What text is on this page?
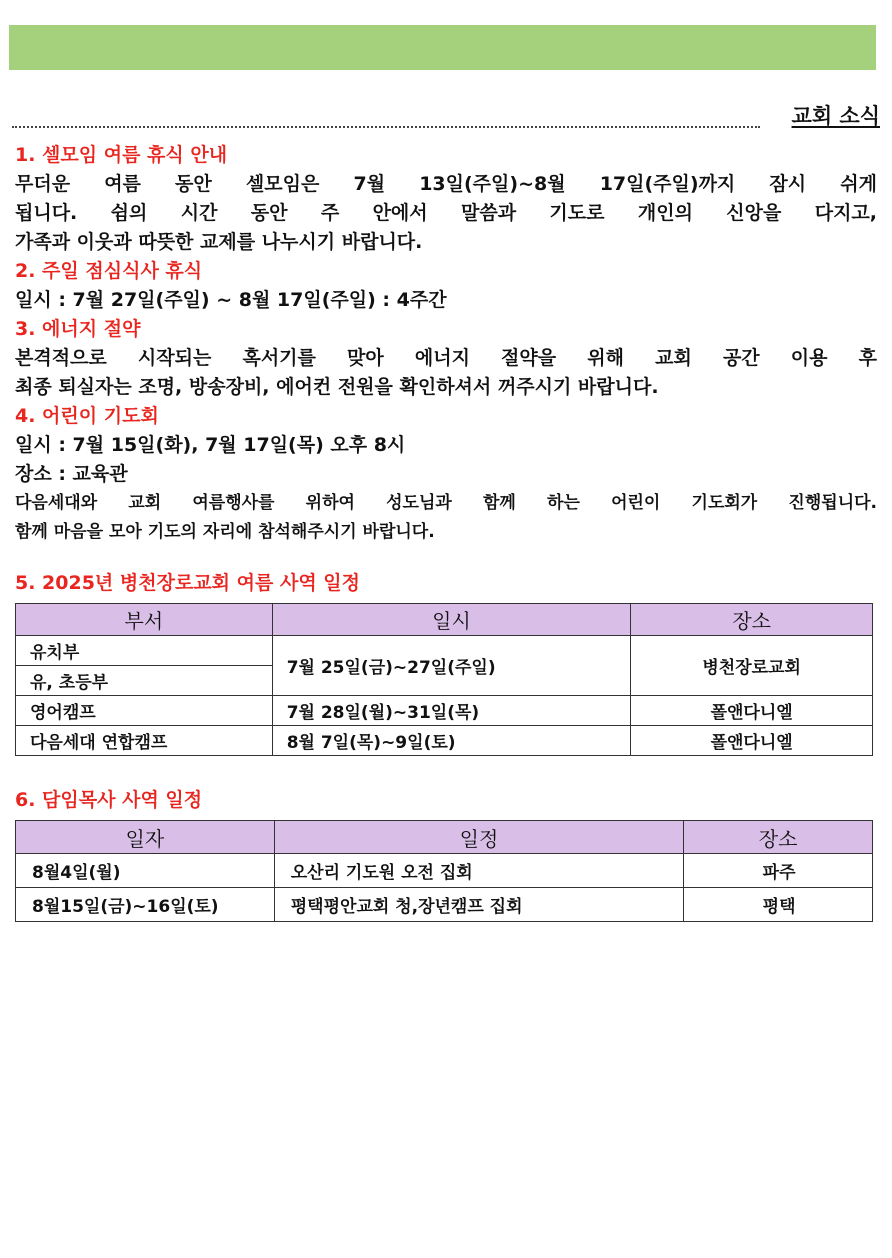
교회 소식

1. 셀모임 여름 휴식 안내

무더운 여름 동안 셀모임은 7월 13일(주일)~8월 17일(주일)까지 잠시 쉬게

됩니다. 쉼의 시간 동안 주 안에서 말씀과 기도로 개인의 신앙을 다지고,

가족과 이웃과 따뜻한 교제를 나누시기 바랍니다.

2. 주일 점심식사 휴식

일시 : 7월 27일(주일) ~ 8월 17일(주일) : 4주간

3. 에너지 절약

본격적으로 시작되는 혹서기를 맞아 에너지 절약을 위해 교회 공간 이용 후

최종 퇴실자는 조명, 방송장비, 에어컨 전원을 확인하셔서 꺼주시기 바랍니다.

4. 어린이 기도회

일시 : 7월 15일(화), 7월 17일(목) 오후 8시

장소 : 교육관

다음세대와 교회 여름행사를 위하여 성도님과 함께 하는 어린이 기도회가 진행됩니다.

함께 마음을 모아 기도의 자리에 참석해주시기 바랍니다.

5. 2025년 병천장로교회 여름 사역 일정

부서	일시	장소
유치부	7월 25일(금)~27일(주일)	병천장로교회
유, 초등부		
영어캠프	7월 28일(월)~31일(목)	폴앤다니엘
다음세대 연합캠프	8월 7일(목)~9일(토)	폴앤다니엘

6. 담임목사 사역 일정

일자	일정	장소
8월4일(월)	오산리 기도원 오전 집회	파주
8월15일(금)~16일(토)	평택평안교회 청,장년캠프 집회	평택
